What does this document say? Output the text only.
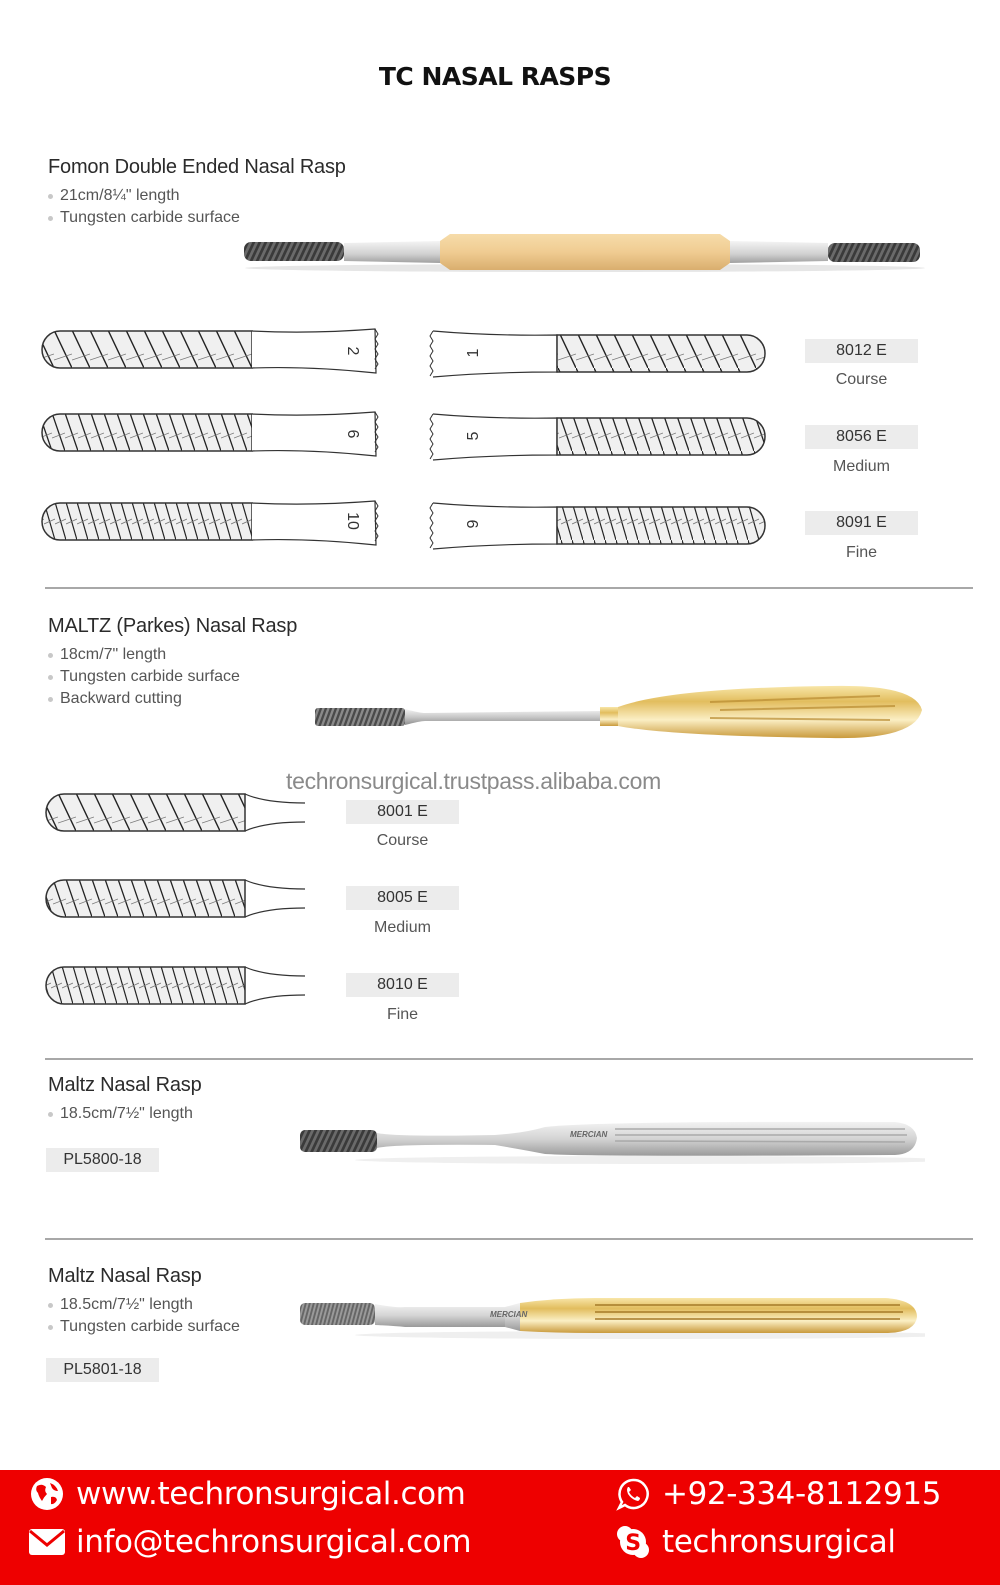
TC NASAL RASPS
Fomon Double Ended Nasal Rasp
21cm/8¼" length
Tungsten carbide surface
2	1
6	5
10	9
8012 E
Course
8056 E
Medium
8091 E
Fine
MALTZ (Parkes) Nasal Rasp
18cm/7" length
Tungsten carbide surface
Backward cutting
techronsurgical.trustpass.alibaba.com
8001 E
Course
8005 E
Medium
8010 E
Fine
Maltz Nasal Rasp
18.5cm/7½" length
PL5800-18
MERCIAN
Maltz Nasal Rasp
18.5cm/7½" length
Tungsten carbide surface
PL5801-18
MERCIAN
www.techronsurgical.com
info@techronsurgical.com
+92-334-8112915
S techronsurgical
